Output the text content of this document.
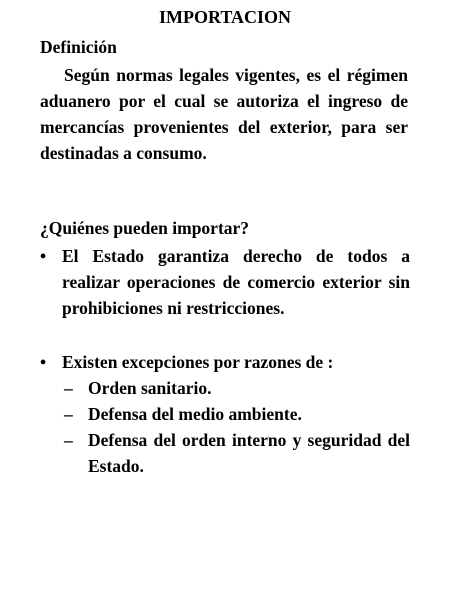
IMPORTACION
Definición
Según normas legales vigentes, es el régimen aduanero por el cual se autoriza el ingreso de mercancías provenientes del exterior, para ser destinadas a consumo.
¿Quiénes pueden importar?
• El Estado garantiza derecho de todos a realizar operaciones de comercio exterior sin prohibiciones ni restricciones.
• Existen excepciones por razones de :
– Orden sanitario.
– Defensa del medio ambiente.
– Defensa del orden interno y seguridad del Estado.
